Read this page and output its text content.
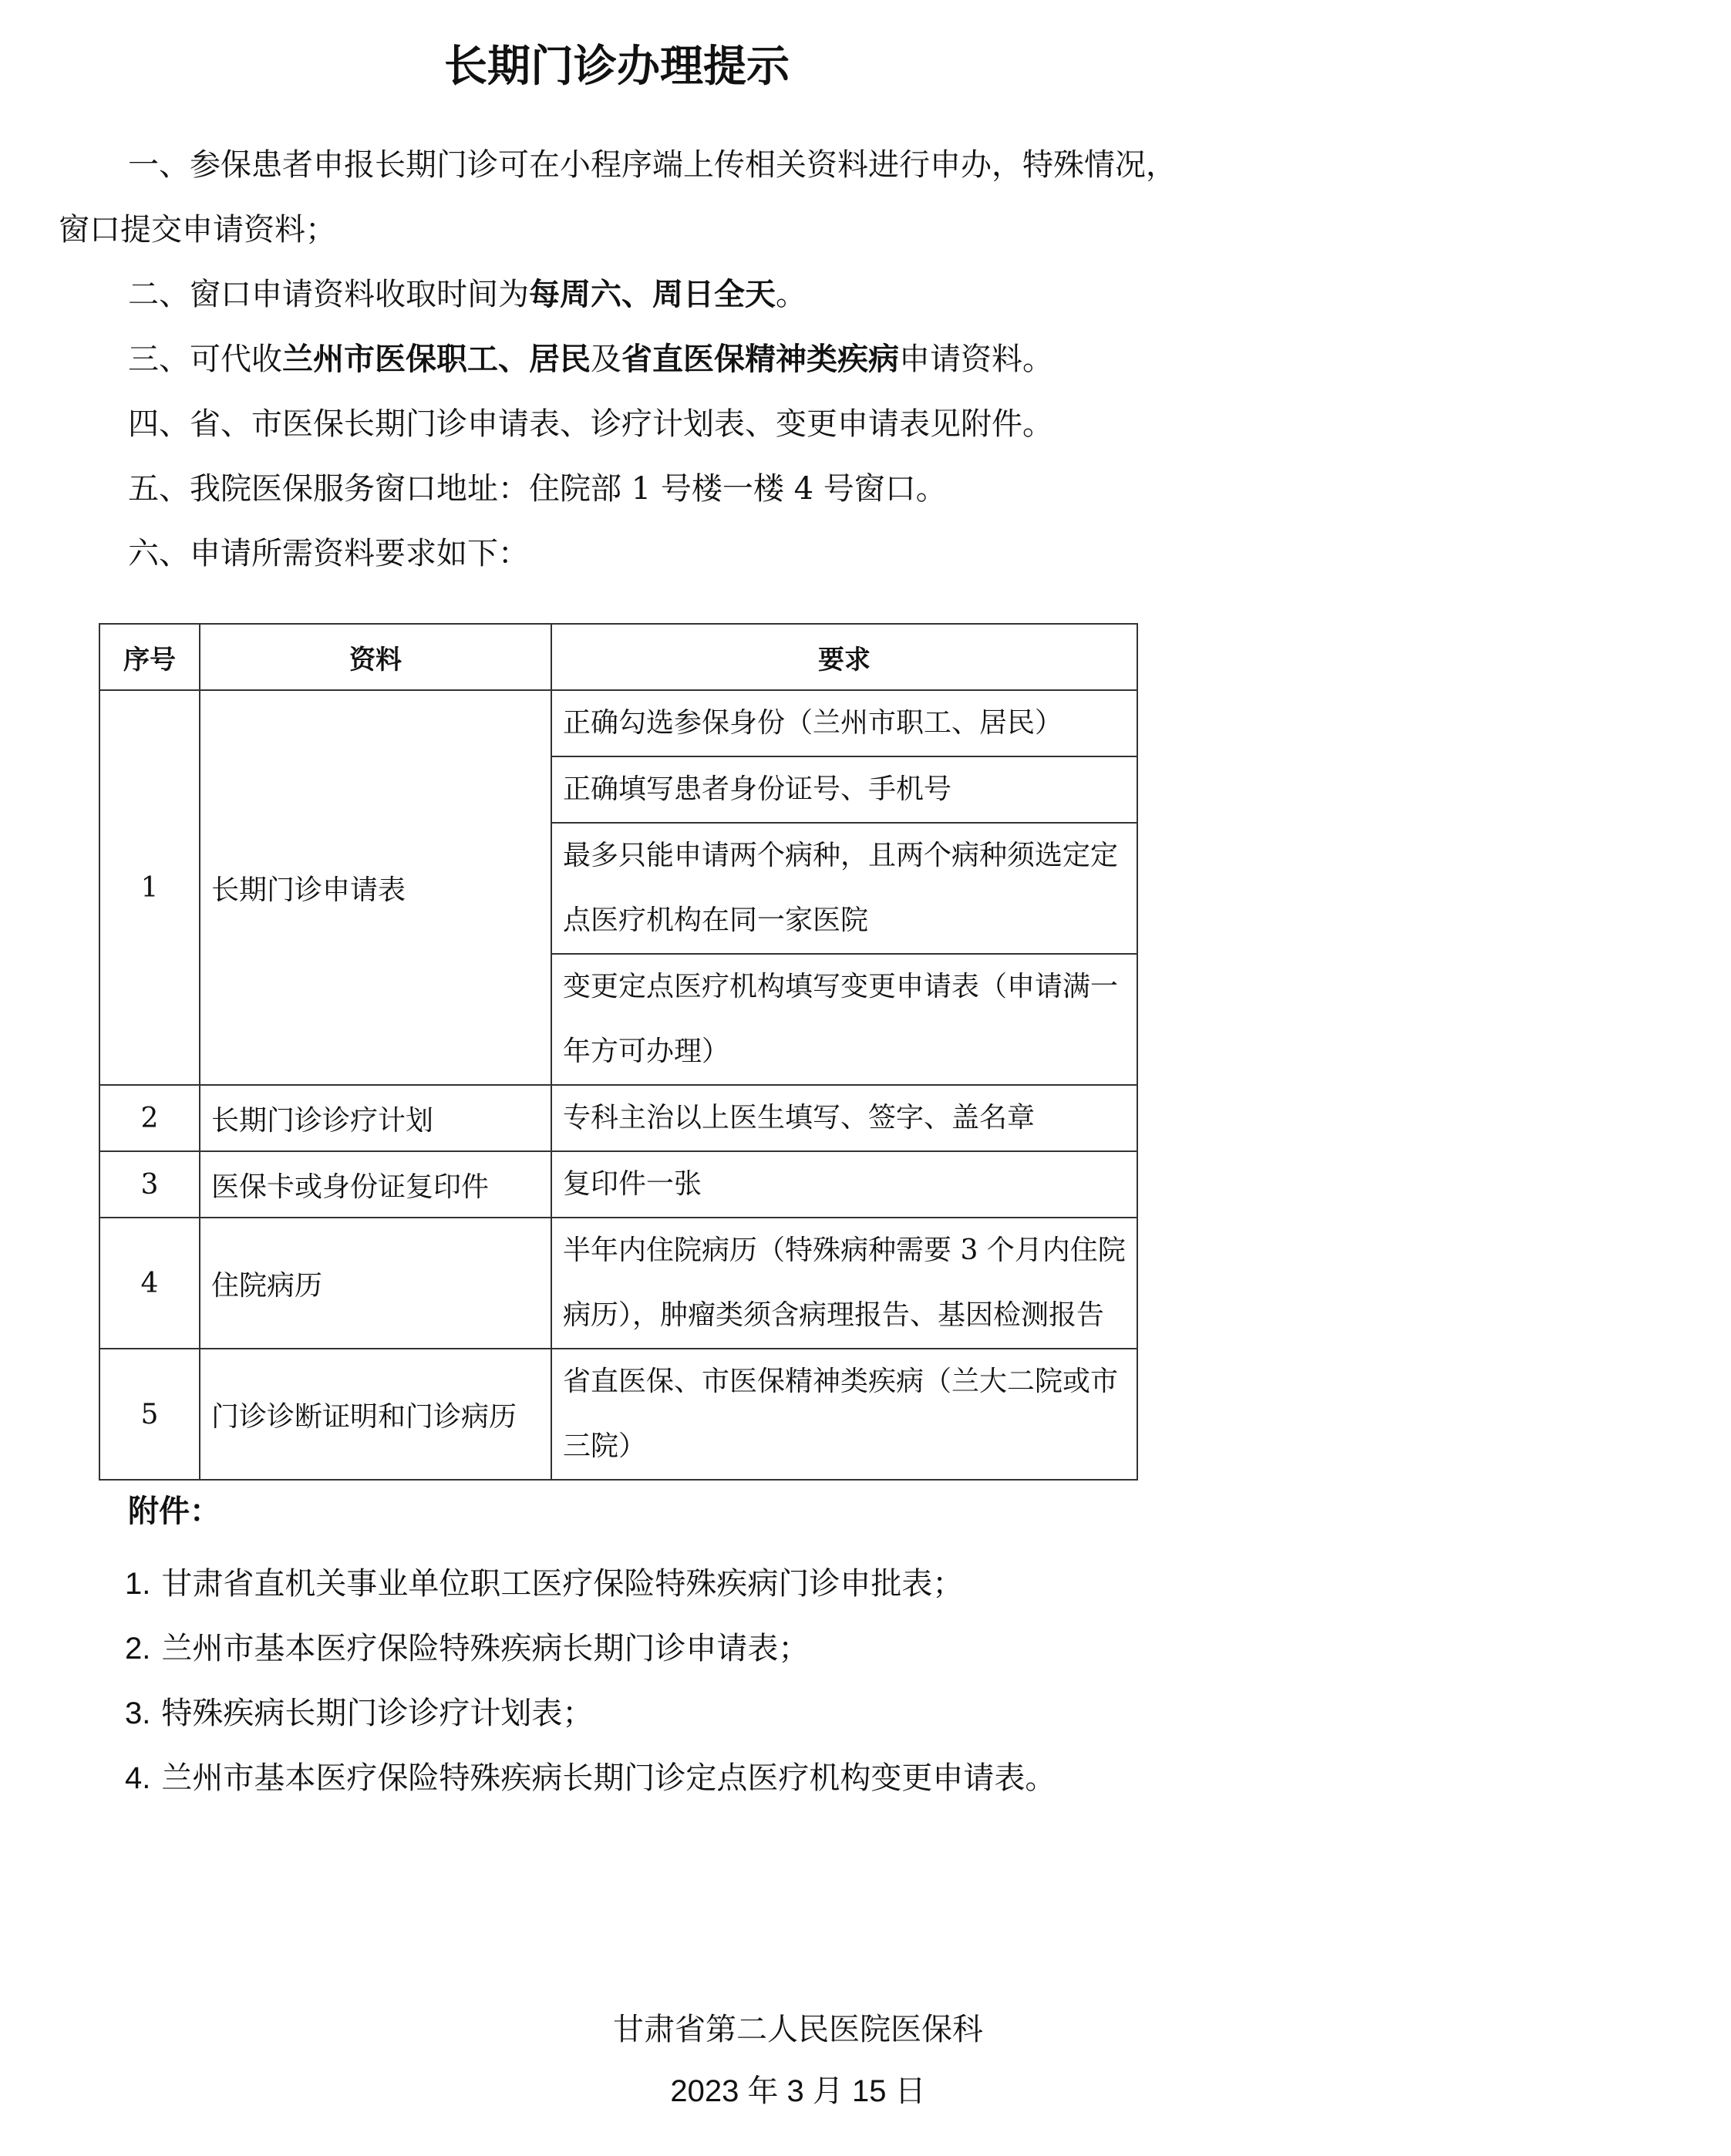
长期门诊办理提示
一、参保患者申报长期门诊可在小程序端上传相关资料进行申办，特殊情况，窗口提交申请资料；
二、窗口申请资料收取时间为每周六、周日全天。
三、可代收兰州市医保职工、居民及省直医保精神类疾病申请资料。
四、省、市医保长期门诊申请表、诊疗计划表、变更申请表见附件。
五、我院医保服务窗口地址：住院部 1 号楼一楼 4 号窗口。
六、申请所需资料要求如下：
序号	资料	要求
1	长期门诊申请表	正确勾选参保身份（兰州市职工、居民）
		正确填写患者身份证号、手机号
		最多只能申请两个病种，且两个病种须选定定点医疗机构在同一家医院
		变更定点医疗机构填写变更申请表（申请满一年方可办理）
2	长期门诊诊疗计划	专科主治以上医生填写、签字、盖名章
3	医保卡或身份证复印件	复印件一张
4	住院病历	半年内住院病历（特殊病种需要 3 个月内住院病历），肿瘤类须含病理报告、基因检测报告
5	门诊诊断证明和门诊病历	省直医保、市医保精神类疾病（兰大二院或市三院）
附件：
1. 甘肃省直机关事业单位职工医疗保险特殊疾病门诊申批表；
2. 兰州市基本医疗保险特殊疾病长期门诊申请表；
3. 特殊疾病长期门诊诊疗计划表；
4. 兰州市基本医疗保险特殊疾病长期门诊定点医疗机构变更申请表。
甘肃省第二人民医院医保科
2023 年 3 月 15 日
